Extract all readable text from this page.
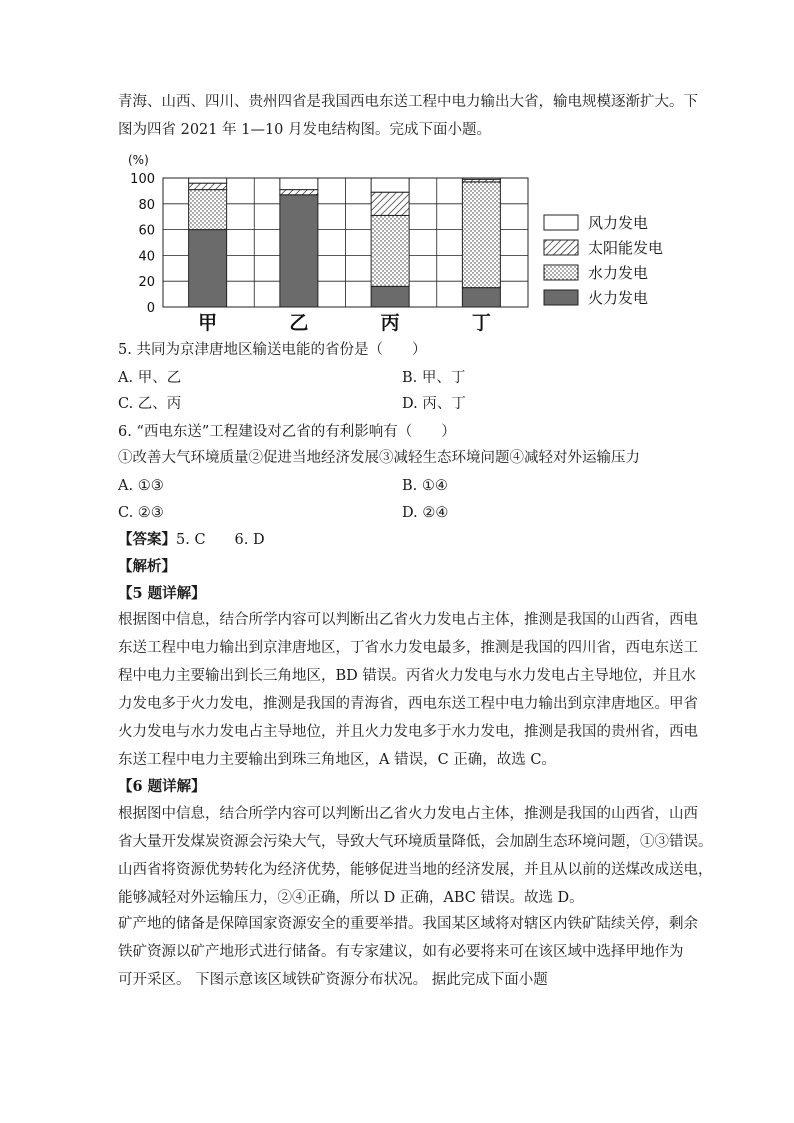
青海、山西、四川、贵州四省是我国西电东送工程中电力输出大省，输电规模逐渐扩大。下

图为四省 2021 年 1—10 月发电结构图。完成下面小题。

0
20
40
60
80
100
(%)
甲	乙	丙	丁
风力发电
太阳能发电
水力发电
火力发电

5. 共同为京津唐地区输送电能的省份是（　　）

A. 甲、乙	B. 甲、丁
C. 乙、丙	D. 丙、丁

6. “西电东送”工程建设对乙省的有利影响有（　　）

①改善大气环境质量②促进当地经济发展③减轻生态环境问题④减轻对外运输压力

A. ①③	B. ①④
C. ②③	D. ②④

【答案】5. C　　6. D

【解析】

【5 题详解】

根据图中信息，结合所学内容可以判断出乙省火力发电占主体，推测是我国的山西省，西电

东送工程中电力输出到京津唐地区，丁省水力发电最多，推测是我国的四川省，西电东送工

程中电力主要输出到长三角地区，BD 错误。丙省火力发电与水力发电占主导地位，并且水

力发电多于火力发电，推测是我国的青海省，西电东送工程中电力输出到京津唐地区。甲省

火力发电与水力发电占主导地位，并且火力发电多于水力发电，推测是我国的贵州省，西电

东送工程中电力主要输出到珠三角地区，A 错误，C 正确，故选 C。

【6 题详解】

根据图中信息，结合所学内容可以判断出乙省火力发电占主体，推测是我国的山西省，山西

省大量开发煤炭资源会污染大气，导致大气环境质量降低，会加剧生态环境问题，①③错误。

山西省将资源优势转化为经济优势，能够促进当地的经济发展，并且从以前的送煤改成送电，

能够减轻对外运输压力，②④正确，所以 D 正确，ABC 错误。故选 D。

矿产地的储备是保障国家资源安全的重要举措。我国某区域将对辖区内铁矿陆续关停，剩余

铁矿资源以矿产地形式进行储备。有专家建议，如有必要将来可在该区域中选择甲地作为

可开采区。 下图示意该区域铁矿资源分布状况。 据此完成下面小题
